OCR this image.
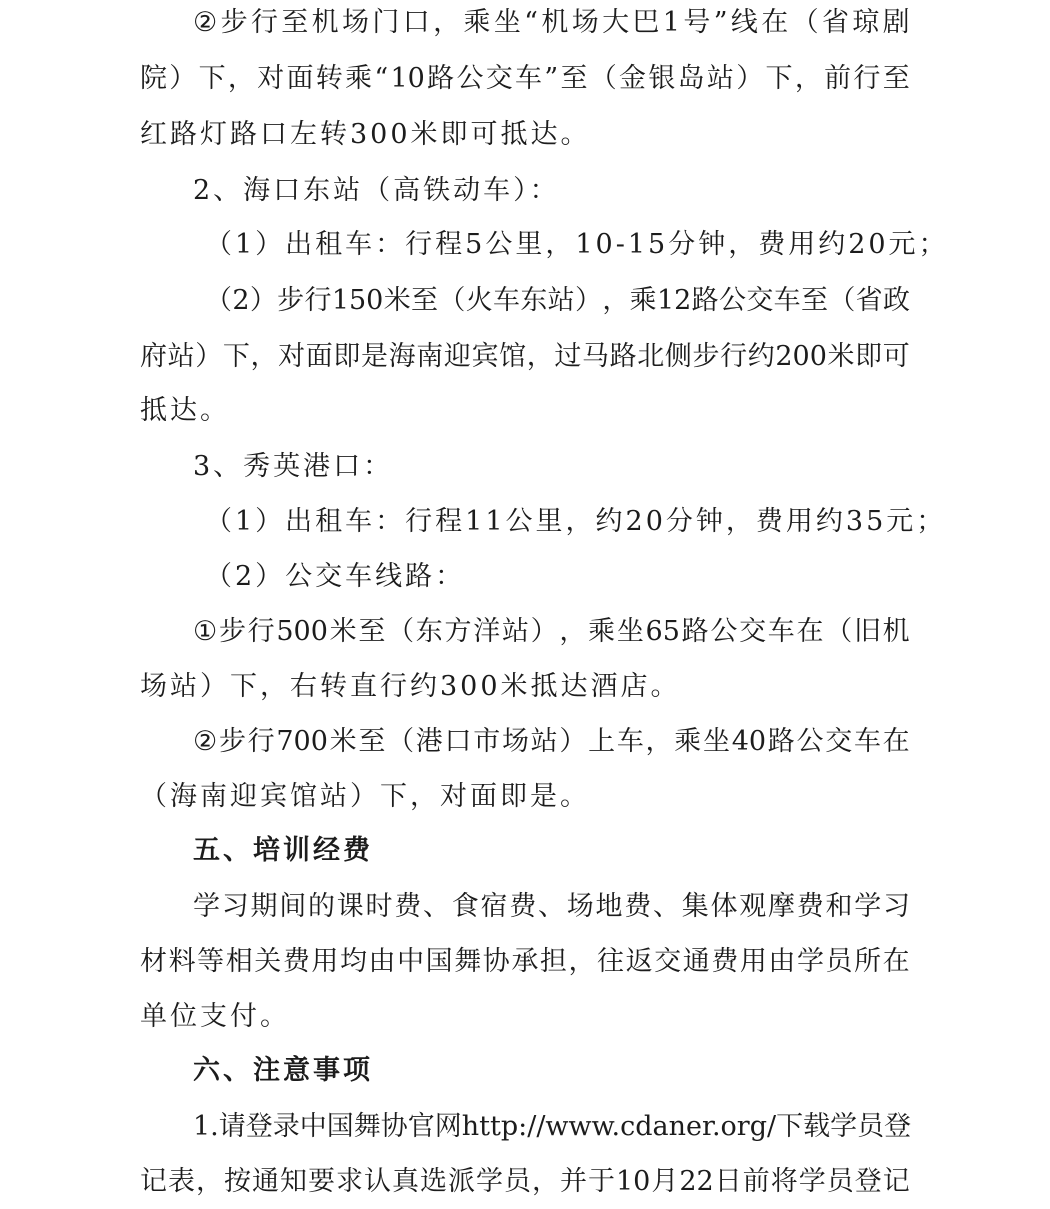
② 步 行 至 机 场 门 口 ， 乘 坐 “ 机 场 大 巴 1 号 ” 线 在 （ 省 琼 剧
院 ） 下 ， 对 面 转 乘 “ 10 路 公 交 车 ” 至 （ 金 银 岛 站 ） 下 ， 前 行 至
红路灯路口左转300米即可抵达。
2、海口东站（高铁动车）：
（1）出租车：行程5公里，10-15分钟，费用约20元；
（ 2 ） 步 行 150 米 至 （ 火 车 东 站 ） ， 乘 12 路 公 交 车 至 （ 省 政
府 站 ） 下 ， 对 面 即 是 海 南 迎 宾 馆 ， 过 马 路 北 侧 步 行 约 200 米 即 可
抵达。
3、秀英港口：
（1）出租车：行程11公里，约20分钟，费用约35元；
（2）公交车线路：
① 步 行 500 米 至 （ 东 方 洋 站 ） ， 乘 坐 65 路 公 交 车 在 （ 旧 机
场站）下，右转直行约300米抵达酒店。
② 步 行 700 米 至 （ 港 口 市 场 站 ） 上 车 ， 乘 坐 40 路 公 交 车 在
（海南迎宾馆站）下，对面即是。
五、培训经费
学 习 期 间 的 课 时 费 、 食 宿 费 、 场 地 费 、 集 体 观 摩 费 和 学 习
材 料 等 相 关 费 用 均 由 中 国 舞 协 承 担 ， 往 返 交 通 费 用 由 学 员 所 在
单位支付。
六、注意事项
1. 请 登 录 中 国 舞 协 官 网 http://www.cdaner.org/ 下 载 学 员 登
记 表 ， 按 通 知 要 求 认 真 选 派 学 员 ， 并 于 10 月 22 日 前 将 学 员 登 记
